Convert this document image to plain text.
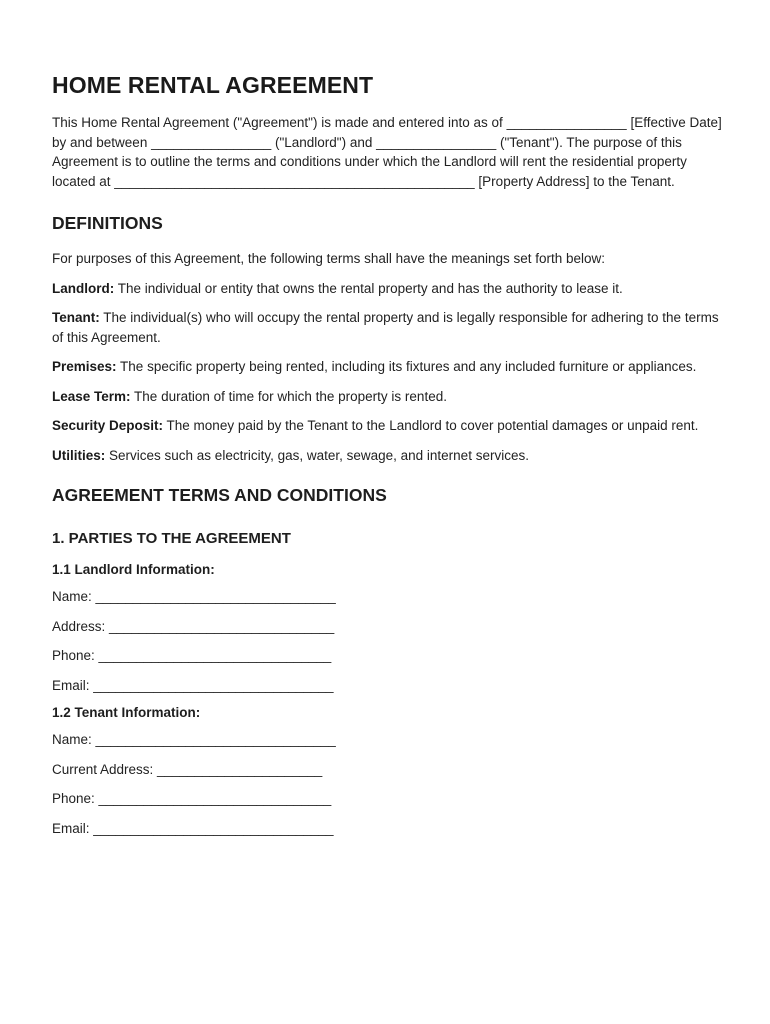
HOME RENTAL AGREEMENT

This Home Rental Agreement ("Agreement") is made and entered into as of ________________ [Effective Date] by and between ________________ ("Landlord") and ________________ ("Tenant"). The purpose of this Agreement is to outline the terms and conditions under which the Landlord will rent the residential property located at ________________________________________________ [Property Address] to the Tenant.

DEFINITIONS

For purposes of this Agreement, the following terms shall have the meanings set forth below:

Landlord: The individual or entity that owns the rental property and has the authority to lease it.

Tenant: The individual(s) who will occupy the rental property and is legally responsible for adhering to the terms of this Agreement.

Premises: The specific property being rented, including its fixtures and any included furniture or appliances.

Lease Term: The duration of time for which the property is rented.

Security Deposit: The money paid by the Tenant to the Landlord to cover potential damages or unpaid rent.

Utilities: Services such as electricity, gas, water, sewage, and internet services.

AGREEMENT TERMS AND CONDITIONS
1. PARTIES TO THE AGREEMENT
1.1 Landlord Information:

Name: ________________________________

Address: ______________________________

Phone: _______________________________

Email: ________________________________

1.2 Tenant Information:

Name: ________________________________

Current Address: ______________________

Phone: _______________________________

Email: ________________________________
